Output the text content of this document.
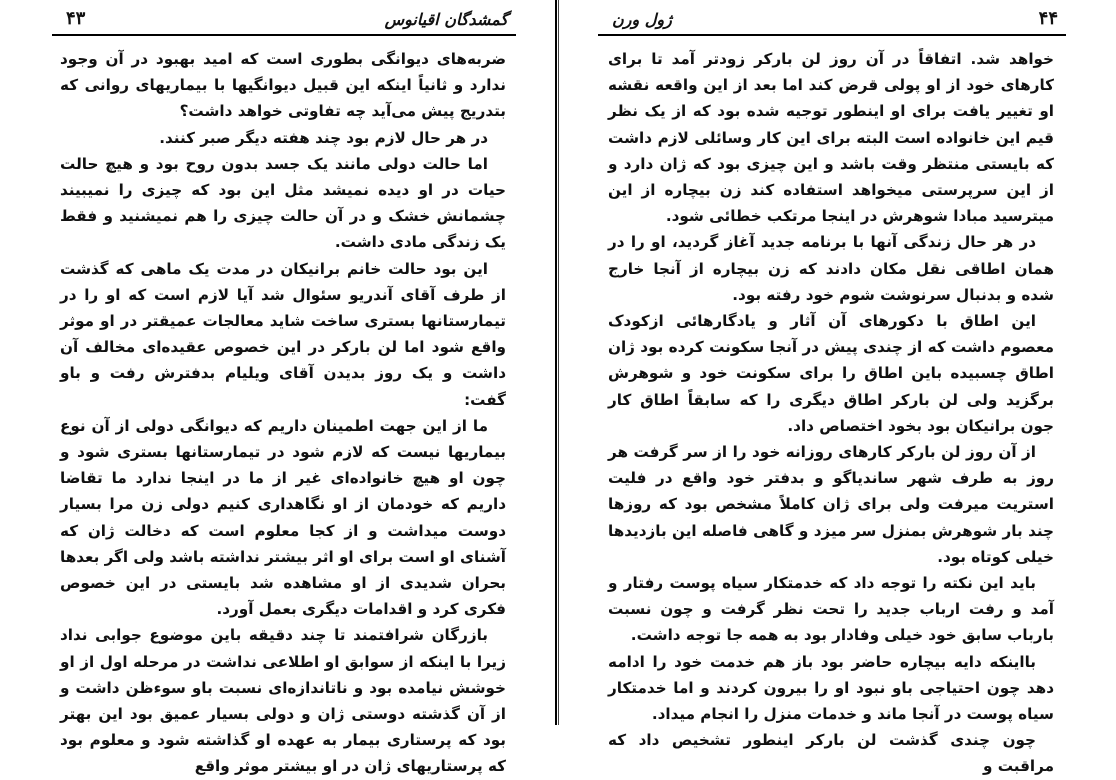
گمشدگان اقیانوس
۴۳

ضربه‌های دیوانگی بطوری است که امید بهبود در آن وجود ندارد و ثانیاً اینکه این قبیل دیوانگیها با بیماریهای روانی که بتدریج پیش می‌آید چه تفاوتی خواهد داشت؟

در هر حال لازم بود چند هفته دیگر صبر کنند.

اما حالت دولی مانند یک جسد بدون روح بود و هیچ حالت حیات در او دیده نمیشد مثل این بود که چیزی را نمیبیند چشمانش خشک و در آن حالت چیزی را هم نمیشنید و فقط یک زندگی مادی داشت.

این بود حالت خانم برانیکان در مدت یک ماهی که گذشت از طرف آقای آندریو سئوال شد آیا لازم است که او را در تیمارستانها بستری ساخت شاید معالجات عمیقتر در او موثر واقع شود اما لن بارکر در این خصوص عقیده‌ای مخالف آن داشت و یک روز بدیدن آقای ویلیام بدفترش رفت و باو گفت:

ما از این جهت اطمینان داریم که دیوانگی دولی از آن نوع بیماریها نیست که لازم شود در تیمارستانها بستری شود و چون او هیچ خانواده‌ای غیر از ما در اینجا ندارد ما تقاضا داریم که خودمان از او نگاهداری کنیم دولی زن مرا بسیار دوست میداشت و از کجا معلوم است که دخالت ژان که آشنای او است برای او اثر بیشتر نداشته باشد ولی اگر بعدها بحران شدیدی از او مشاهده شد بایستی در این خصوص فکری کرد و اقدامات دیگری بعمل آورد.

بازرگان شرافتمند تا چند دقیقه باین موضوع جوابی نداد زیرا با اینکه از سوابق او اطلاعی نداشت در مرحله اول از او خوشش نیامده بود و ناتاندازه‌ای نسبت باو سوءظن داشت و از آن گذشته دوستی ژان و دولی بسیار عمیق بود این بهتر بود که پرستاری بیمار به عهده او گذاشته شود و معلوم بود که پرستاریهای ژان در او بیشتر موثر واقع

۴۴
ژول ورن

خواهد شد. اتفاقاً در آن روز لن بارکر زودتر آمد تا برای کارهای خود از او پولی قرض کند اما بعد از این واقعه نقشه او تغییر یافت برای او اینطور توجیه شده بود که از یک نظر قیم این خانواده است البته برای این کار وسائلی لازم داشت که بایستی منتظر وقت باشد و این چیزی بود که ژان دارد و از این سرپرستی میخواهد استفاده کند زن بیچاره از این میترسید مبادا شوهرش در اینجا مرتکب خطائی شود.

در هر حال زندگی آنها با برنامه جدید آغاز گردید، او را در همان اطاقی نقل مکان دادند که زن بیچاره از آنجا خارج شده و بدنبال سرنوشت شوم خود رفته بود.

این اطاق با دکورهای آن آثار و یادگارهائی ازکودک معصوم داشت که از چندی پیش در آنجا سکونت کرده بود ژان اطاق چسبیده باین اطاق را برای سکونت خود و شوهرش برگزید ولی لن بارکر اطاق دیگری را که سابقاً اطاق کار جون برانیکان بود بخود اختصاص داد.

از آن روز لن بارکر کارهای روزانه خود را از سر گرفت هر روز به طرف شهر ساندیاگو و بدفتر خود واقع در فلیت استریت میرفت ولی برای ژان کاملاً مشخص بود که روزها چند بار شوهرش بمنزل سر میزد و گاهی فاصله این بازدیدها خیلی کوتاه بود.

باید این نکته را توجه داد که خدمتکار سیاه پوست رفتار و آمد و رفت ارباب جدید را تحت نظر گرفت و چون نسبت بارباب سابق خود خیلی وفادار بود به همه جا توجه داشت.

بااینکه دایه بیچاره حاضر بود باز هم خدمت خود را ادامه دهد چون احتیاجی باو نبود او را بیرون کردند و اما خدمتکار سیاه پوست در آنجا ماند و خدمات منزل را انجام میداد.

چون چندی گذشت لن بارکر اینطور تشخیص داد که مراقبت و
